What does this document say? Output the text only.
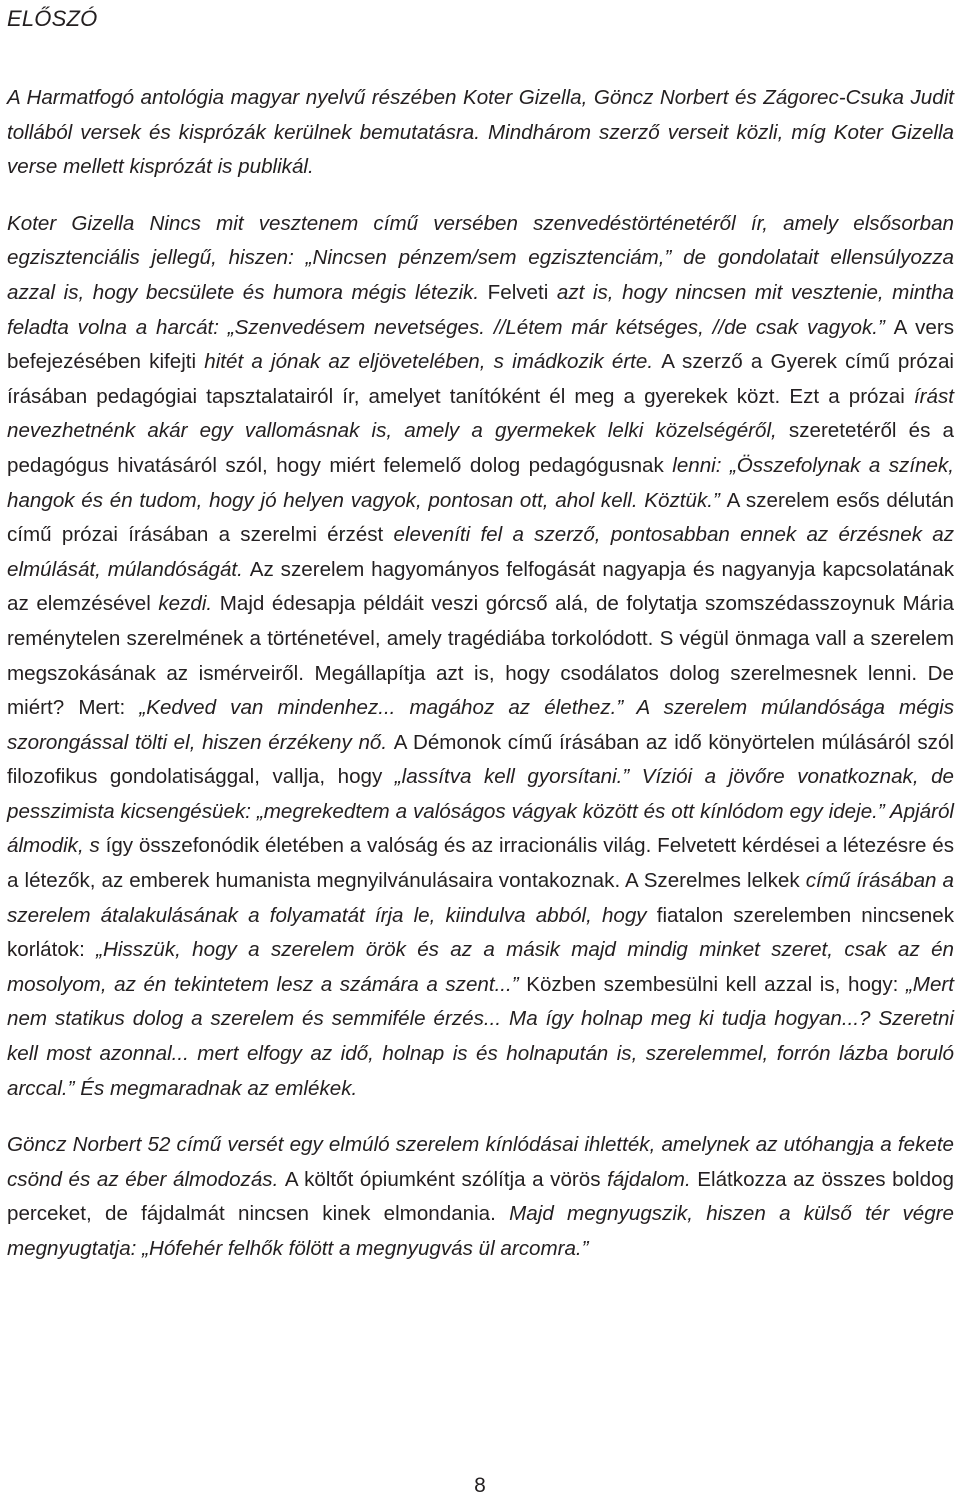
ELŐSZÓ

A Harmatfogó antológia magyar nyelvű részében Koter Gizella, Göncz Norbert és Zágorec-Csuka Judit tollából versek és kisprózák kerülnek bemutatásra. Mindhárom szerző verseit közli, míg Koter Gizella verse mellett kisprózát is publikál.

Koter Gizella Nincs mit vesztenem című versében szenvedéstörténetéről ír, amely elsősorban egzisztenciális jellegű, hiszen: „Nincsen pénzem/sem egzisztenciám,” de gondolatait ellensúlyozza azzal is, hogy becsülete és humora mégis létezik. Felveti azt is, hogy nincsen mit vesztenie, mintha feladta volna a harcát: „Szenvedésem nevetséges. //Létem már kétséges, //de csak vagyok.” A vers befejezésében kifejti hitét a jónak az eljövetelében, s imádkozik érte. A szerző a Gyerek című prózai írásában pedagógiai tapsztalatairól ír, amelyet tanítóként él meg a gyerekek közt. Ezt a prózai írást nevezhetnénk akár egy vallomásnak is, amely a gyermekek lelki közelségéről, szeretetéről és a pedagógus hivatásáról szól, hogy miért felemelő dolog pedagógusnak lenni: „Összefolynak a színek, hangok és én tudom, hogy jó helyen vagyok, pontosan ott, ahol kell. Köztük.” A szerelem esős délután című prózai írásában a szerelmi érzést eleveníti fel a szerző, pontosabban ennek az érzésnek az elmúlását, múlandóságát. Az szerelem hagyományos felfogását nagyapja és nagyanyja kapcsolatának az elemzésével kezdi. Majd édesapja példáit veszi górcső alá, de folytatja szomszédasszoynuk Mária reménytelen szerelmének a történetével, amely tragédiába torkolódott. S végül önmaga vall a szerelem megszokásának az ismérveiről. Megállapítja azt is, hogy csodálatos dolog szerelmesnek lenni. De miért? Mert: „Kedved van mindenhez... magához az élethez.” A szerelem múlandósága mégis szorongással tölti el, hiszen érzékeny nő. A Démonok című írásában az idő könyörtelen múlásáról szól filozofikus gondolatisággal, vallja, hogy „lassítva kell gyorsítani.” Víziói a jövőre vonatkoznak, de pesszimista kicsengésüek: „megrekedtem a valóságos vágyak között és ott kínlódom egy ideje.” Apjáról álmodik, s így összefonódik életében a valóság és az irracionális világ. Felvetett kérdései a létezésre és a létezők, az emberek humanista megnyilvánulásaira vontakoznak. A Szerelmes lelkek című írásában a szerelem átalakulásának a folyamatát írja le, kiindulva abból, hogy fiatalon szerelemben nincsenek korlátok: „Hisszük, hogy a szerelem örök és az a másik majd mindig minket szeret, csak az én mosolyom, az én tekintetem lesz a számára a szent...” Közben szembesülni kell azzal is, hogy: „Mert nem statikus dolog a szerelem és semmiféle érzés... Ma így holnap meg ki tudja hogyan...? Szeretni kell most azonnal... mert elfogy az idő, holnap is és holnapután is, szerelemmel, forrón lázba boruló arccal.” És megmaradnak az emlékek.

Göncz Norbert 52 című versét egy elmúló szerelem kínlódásai ihlették, amelynek az utóhangja a fekete csönd és az éber álmodozás. A költőt ópiumként szólítja a vörös fájdalom. Elátkozza az összes boldog perceket, de fájdalmát nincsen kinek elmondania. Majd megnyugszik, hiszen a külső tér végre megnyugtatja: „Hófehér felhők fölött a megnyugvás ül arcomra.”

8
